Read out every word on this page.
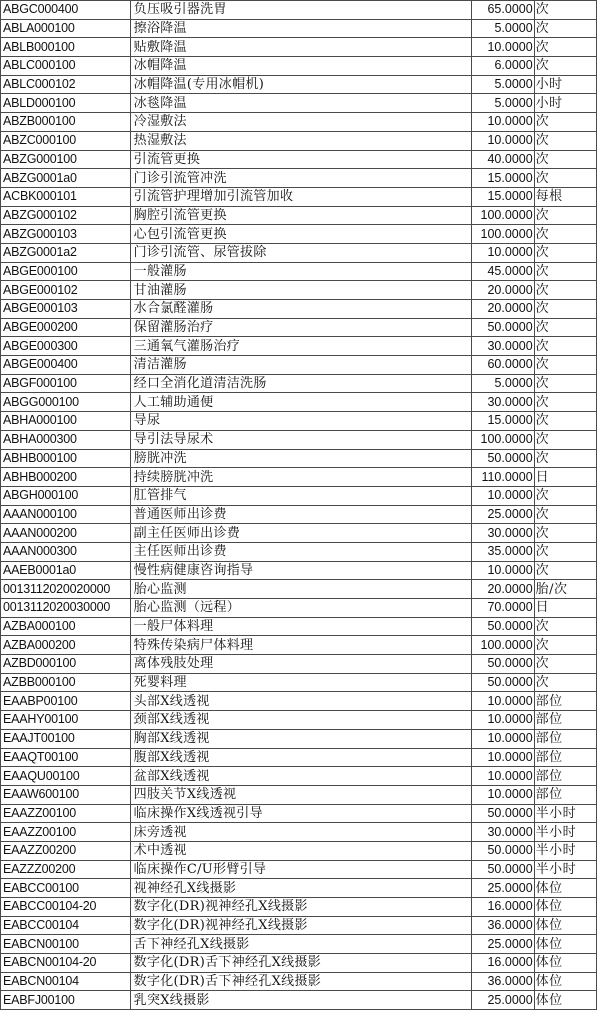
ABGC000400	负压吸引器洗胃	65.0000	次
ABLA000100	擦浴降温	5.0000	次
ABLB000100	贴敷降温	10.0000	次
ABLC000100	冰帽降温	6.0000	次
ABLC000102	冰帽降温(专用冰帽机)	5.0000	小时
ABLD000100	冰毯降温	5.0000	小时
ABZB000100	冷湿敷法	10.0000	次
ABZC000100	热湿敷法	10.0000	次
ABZG000100	引流管更换	40.0000	次
ABZG0001a0	门诊引流管冲洗	15.0000	次
ACBK000101	引流管护理增加引流管加收	15.0000	每根
ABZG000102	胸腔引流管更换	100.0000	次
ABZG000103	心包引流管更换	100.0000	次
ABZG0001a2	门诊引流管、尿管拔除	10.0000	次
ABGE000100	一般灌肠	45.0000	次
ABGE000102	甘油灌肠	20.0000	次
ABGE000103	水合氯醛灌肠	20.0000	次
ABGE000200	保留灌肠治疗	50.0000	次
ABGE000300	三通氧气灌肠治疗	30.0000	次
ABGE000400	清洁灌肠	60.0000	次
ABGF000100	经口全消化道清洁洗肠	5.0000	次
ABGG000100	人工辅助通便	30.0000	次
ABHA000100	导尿	15.0000	次
ABHA000300	导引法导尿术	100.0000	次
ABHB000100	膀胱冲洗	50.0000	次
ABHB000200	持续膀胱冲洗	110.0000	日
ABGH000100	肛管排气	10.0000	次
AAAN000100	普通医师出诊费	25.0000	次
AAAN000200	副主任医师出诊费	30.0000	次
AAAN000300	主任医师出诊费	35.0000	次
AAEB0001a0	慢性病健康咨询指导	10.0000	次
0013112020020000	胎心监测	20.0000	胎/次
0013112020030000	胎心监测（远程）	70.0000	日
AZBA000100	一般尸体料理	50.0000	次
AZBA000200	特殊传染病尸体料理	100.0000	次
AZBD000100	离体残肢处理	50.0000	次
AZBB000100	死婴料理	50.0000	次
EAABP00100	头部X线透视	10.0000	部位
EAAHY00100	颈部X线透视	10.0000	部位
EAAJT00100	胸部X线透视	10.0000	部位
EAAQT00100	腹部X线透视	10.0000	部位
EAAQU00100	盆部X线透视	10.0000	部位
EAAW600100	四肢关节X线透视	10.0000	部位
EAAZZ00100	临床操作X线透视引导	50.0000	半小时
EAAZZ00100	床旁透视	30.0000	半小时
EAAZZ00200	术中透视	50.0000	半小时
EAZZZ00200	临床操作C/U形臂引导	50.0000	半小时
EABCC00100	视神经孔X线摄影	25.0000	体位
EABCC00104-20	数字化(DR)视神经孔X线摄影	16.0000	体位
EABCC00104	数字化(DR)视神经孔X线摄影	36.0000	体位
EABCN00100	舌下神经孔X线摄影	25.0000	体位
EABCN00104-20	数字化(DR)舌下神经孔X线摄影	16.0000	体位
EABCN00104	数字化(DR)舌下神经孔X线摄影	36.0000	体位
EABFJ00100	乳突X线摄影	25.0000	体位
